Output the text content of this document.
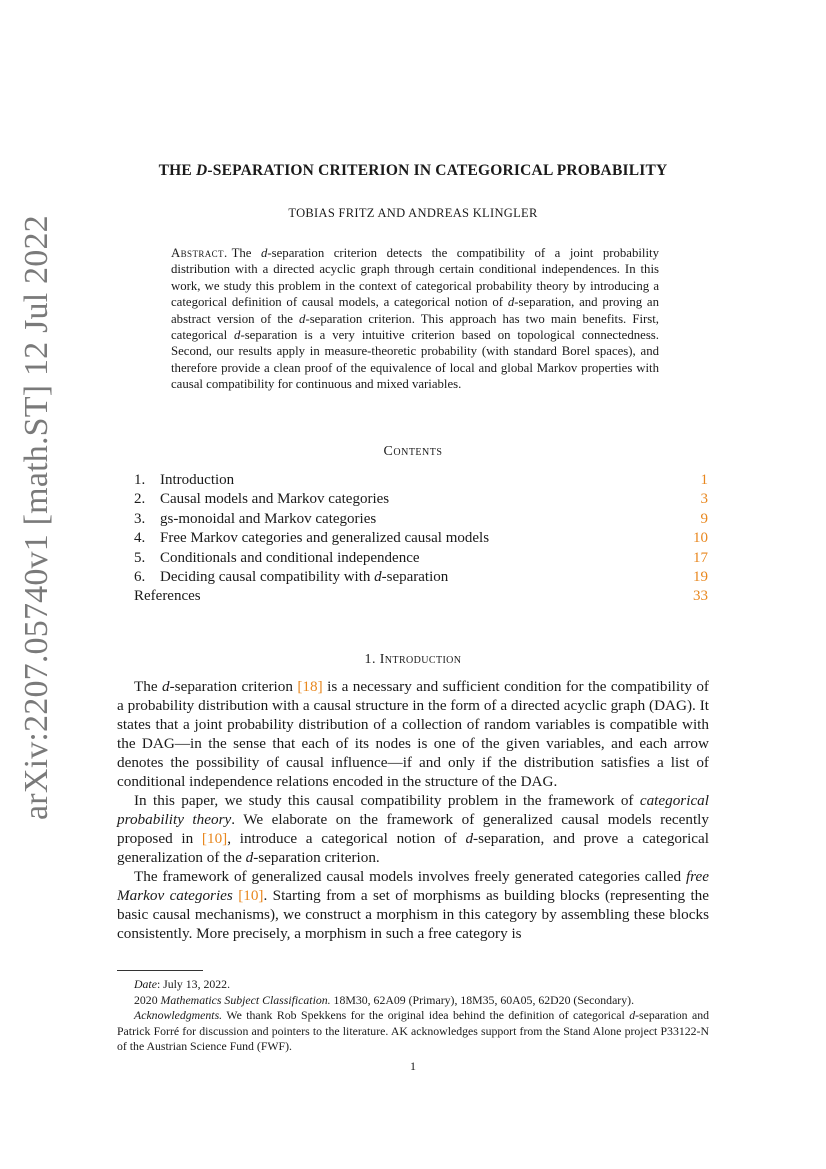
arXiv:2207.05740v1 [math.ST] 12 Jul 2022
THE D-SEPARATION CRITERION IN CATEGORICAL PROBABILITY
TOBIAS FRITZ AND ANDREAS KLINGLER
Abstract. The d-separation criterion detects the compatibility of a joint probability distribution with a directed acyclic graph through certain conditional independences. In this work, we study this problem in the context of categorical probability theory by introducing a categorical definition of causal models, a categorical notion of d-separation, and proving an abstract version of the d-separation criterion. This approach has two main benefits. First, categorical d-separation is a very intuitive criterion based on topological connectedness. Second, our results apply in measure-theoretic probability (with standard Borel spaces), and therefore provide a clean proof of the equivalence of local and global Markov properties with causal compatibility for continuous and mixed variables.
Contents
1. Introduction	1
2. Causal models and Markov categories	3
3. gs-monoidal and Markov categories	9
4. Free Markov categories and generalized causal models	10
5. Conditionals and conditional independence	17
6. Deciding causal compatibility with d-separation	19
References	33
1. Introduction

The d-separation criterion [18] is a necessary and sufficient condition for the compatibility of a probability distribution with a causal structure in the form of a directed acyclic graph (DAG). It states that a joint probability distribution of a collection of random variables is compatible with the DAG—in the sense that each of its nodes is one of the given variables, and each arrow denotes the possibility of causal influence—if and only if the distribution satisfies a list of conditional independence relations encoded in the structure of the DAG.

In this paper, we study this causal compatibility problem in the framework of categorical probability theory. We elaborate on the framework of generalized causal models recently proposed in [10], introduce a categorical notion of d-separation, and prove a categorical generalization of the d-separation criterion.

The framework of generalized causal models involves freely generated categories called free Markov categories [10]. Starting from a set of morphisms as building blocks (representing the basic causal mechanisms), we construct a morphism in this category by assembling these blocks consistently. More precisely, a morphism in such a free category is

Date: July 13, 2022.

2020 Mathematics Subject Classification. 18M30, 62A09 (Primary), 18M35, 60A05, 62D20 (Secondary).

Acknowledgments. We thank Rob Spekkens for the original idea behind the definition of categorical d-separation and Patrick Forré for discussion and pointers to the literature. AK acknowledges support from the Stand Alone project P33122-N of the Austrian Science Fund (FWF).

1
